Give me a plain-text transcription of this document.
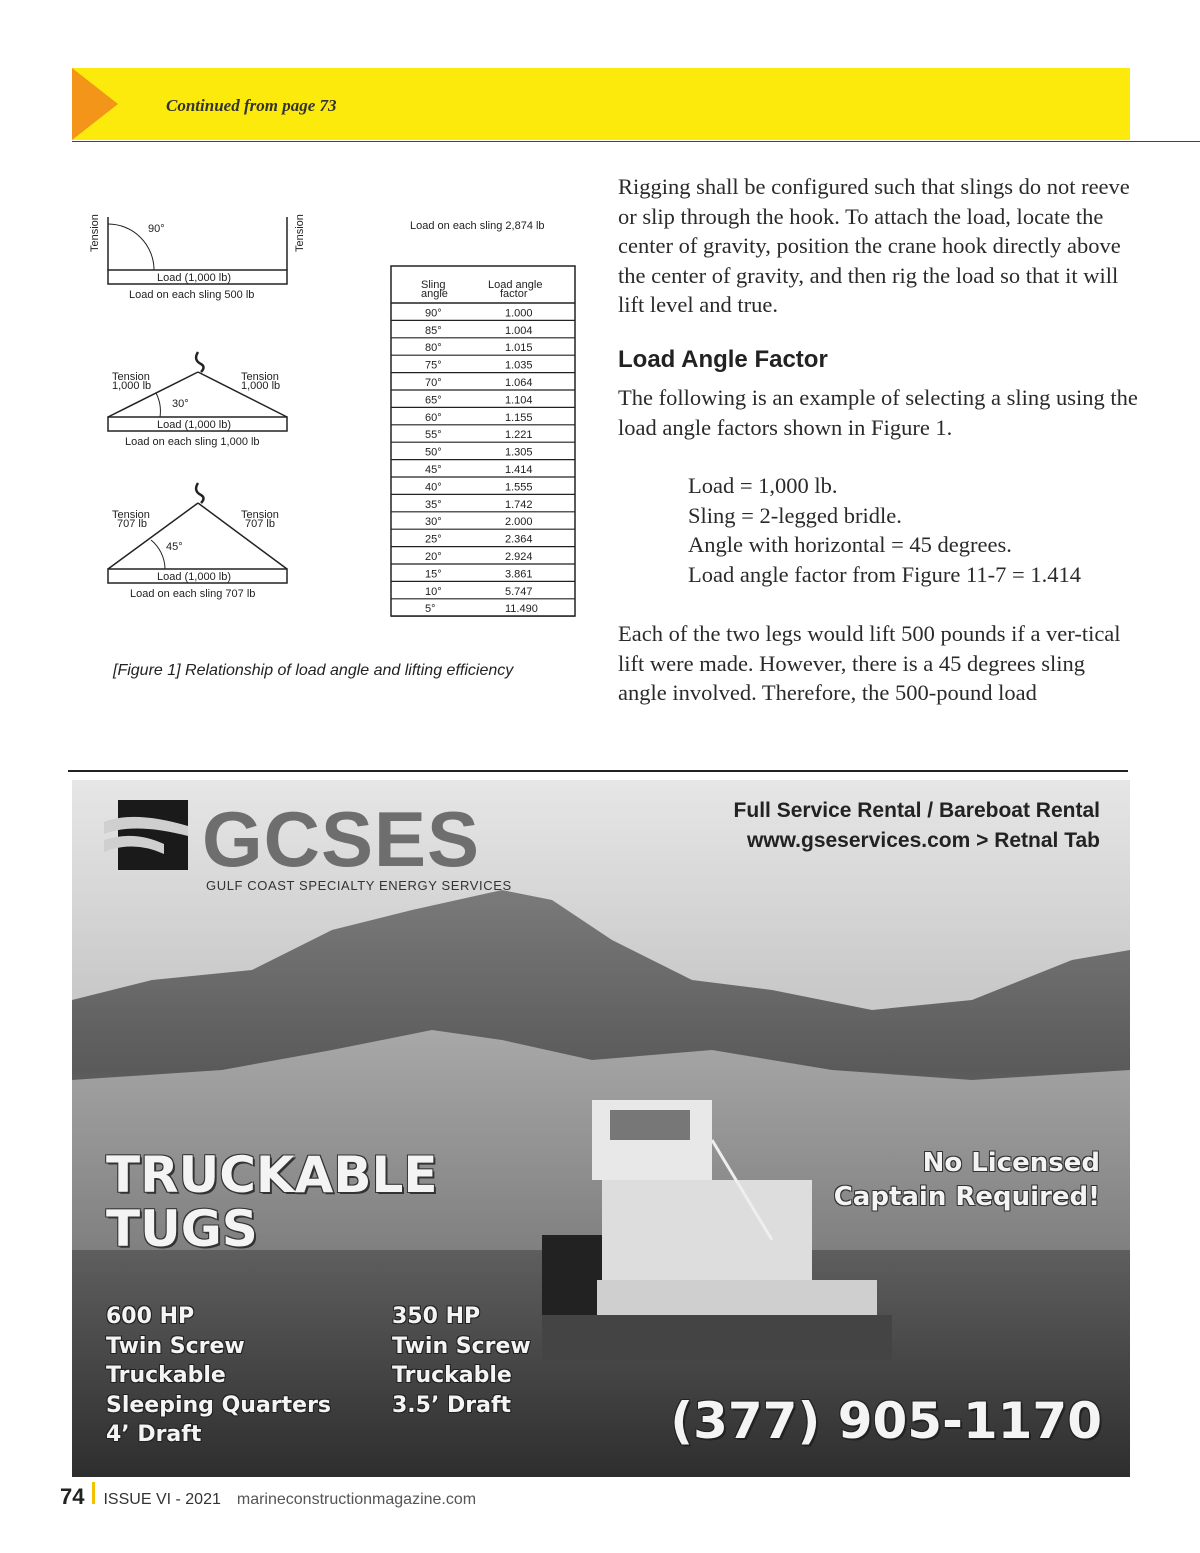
Continued from page 73
Tension	Tension
90°
Load (1,000 lb)
Load on each sling 500 lb
Tension
1,000 lb
Tension
1,000 lb
30°
Load (1,000 lb)
Load on each sling 1,000 lb
Tension
707 lb
Tension
707 lb
45°
Load (1,000 lb)
Load on each sling 707 lb
Load on each sling 2,874 lb
Sling
angle
Load angle
factor
90°	1.000
85°	1.004
80°	1.015
75°	1.035
70°	1.064
65°	1.104
60°	1.155
55°	1.221
50°	1.305
45°	1.414
40°	1.555
35°	1.742
30°	2.000
25°	2.364
20°	2.924
15°	3.861
10°	5.747
5°	11.490
[Figure 1] Relationship of load angle and lifting efficiency

Rigging shall be configured such that slings do not reeve or slip through the hook. To attach the load, locate the center of gravity, position the crane hook directly above the center of gravity, and then rig the load so that it will lift level and true.

Load Angle Factor

The following is an example of selecting a sling using the load angle factors shown in Figure 1.

Load = 1,000 lb.
Sling = 2-legged bridle.
Angle with horizontal = 45 degrees.
Load angle factor from Figure 11-7 = 1.414

Each of the two legs would lift 500 pounds if a ver-tical lift were made. However, there is a 45 degrees sling angle involved. Therefore, the 500-pound load

GCSES
GULF COAST SPECIALTY ENERGY SERVICES
Full Service Rental / Bareboat Rental
www.gseservices.com > Retnal Tab
TRUCKABLE
TUGS
No Licensed
Captain Required!
600 HP
Twin Screw
Truckable
Sleeping Quarters
4’ Draft
350 HP
Twin Screw
Truckable
3.5’ Draft	(377) 905-1170
74 ISSUE VI - 2021 marineconstructionmagazine.com
